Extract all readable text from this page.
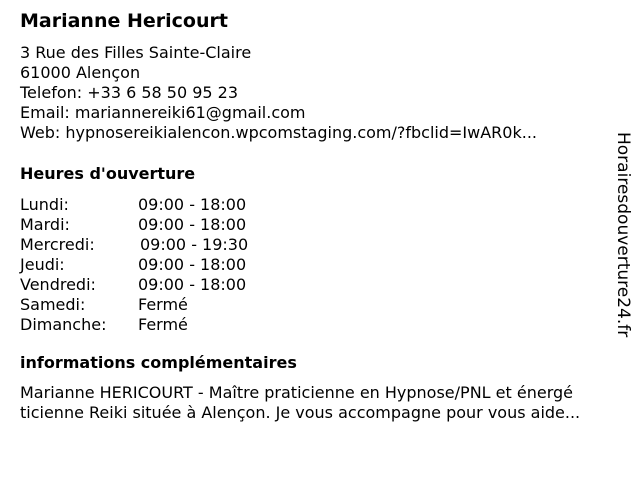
Marianne Hericourt
3 Rue des Filles Sainte-Claire
61000 Alençon
Telefon: +33 6 58 50 95 23
Email: mariannereiki61@gmail.com
Web: hypnosereikialencon.wpcomstaging.com/?fbclid=IwAR0k...
Heures d'ouverture
Lundi:	09:00 - 18:00
Mardi:	09:00 - 18:00
Mercredi:	09:00 - 19:30
Jeudi:	09:00 - 18:00
Vendredi:	09:00 - 18:00
Samedi:	Fermé
Dimanche: Fermé
informations complémentaires
Marianne HERICOURT - Maître praticienne en Hypnose/PNL et énergé
ticienne Reiki située à Alençon. Je vous accompagne pour vous aide...
Horairesdouverture24.fr
